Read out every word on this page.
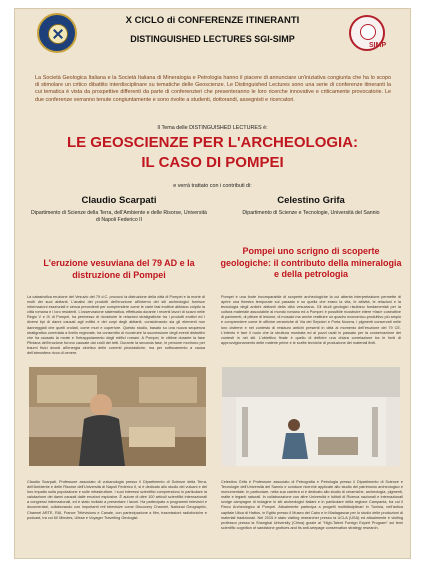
SIMP
X CICLO di CONFERENZE ITINERANTI
DISTINGUISHED LECTURES SGI-SIMP
La Società Geologica Italiana e la Società Italiana di Mineralogia e Petrologia hanno il piacere di annunciare un'iniziativa congiunta che ha lo scopo di stimolare un critico dibattito interdisciplinare su tematiche delle Geoscienze. Le Distinguished Lectures sono una serie di conferenze itineranti la cui tematica è vista da prospettive differenti da parte di conferenzieri che presenteranno le loro ricerche innovative e criticamente provocatorie. Le due conferenze verranno tenute congiuntamente e sono rivolte a studenti, dottorandi, assegnisti e ricercatori.
Il Tema delle DISTINGUISHED LECTURES è:
LE GEOSCIENZE PER L'ARCHEOLOGIA:
IL CASO DI POMPEI
e verrà trattato con i contributi di:
Claudio Scarpati
Dipartimento di Scienze della Terra, dell'Ambiente e delle Risorse, Università di Napoli Federico II
L'eruzione vesuviana del 79 AD e la distruzione di Pompei
La catastrofica eruzione del Vesuvio del 79 d.C. provocò la distruzione della città di Pompei e la morte di molti dei suoi abitanti. L'analisi dei prodotti dell'eruzione all'interno dei siti archeologici fornisce informazioni essenziali e senza precedenti per comprendere come le varie fasi eruttive abbiano colpito la città romana e i loro residenti. L'osservazione sistematica, effettuata durante i recenti lavori di scavo nelle Regio V e IX di Pompei, ha permesso di ricostruire le relazioni stratigrafiche tra i prodotti eruttivi ed i diversi tipi di danni causati agli edifici e dei corpi degli abitanti, considerando sia gli elementi non danneggiati che quelli crollati, come muri e coperture. Questo studio, basato su una nuova sequenza stratigrafica corredata a livello regionale, ha consentito di ricostruire la successione degli eventi distruttivi che ha causato la morte e l'intrappolamento degli edifici romani. A Pompei, le vittime durante la fase Pliniana dell'eruzione furono causate dai crolli dei tetti. Durante la seconda fase, le persone morirono per traumi fisici dovuti all'energia cinetica delle correnti piroclastiche, ma per soffocamento a causa dell'atmosfera ricca di cenere.
Claudio Scarpati, Professore associato di vulcanologia presso il Dipartimento di Scienze della Terra, dell'Ambiente e delle Risorse dell'Università di Napoli Federico II, si è dedicato allo studio dei vulcani e del loro impatto sulla popolazione e sulle infrastrutture. I suoi interessi scientifici comprendono in particolare la valutazione dei danni causati dalle eruzioni esplosive. È autore di oltre 100 articoli scientifici internazionali a congressi internazionali, ed è stato invitato a presentare i lavori. Ha partecipato a programmi televisivi e documentari, collaborando con importanti reti televisive come Discovery Channel, National Geographic, Channel ARTE, RAI, France Télévisions e Canale, con partecipazione a film, trasmissioni radiofoniche e podcast, tra cui 60 Minutes, Ulisse e Voyager Travelling Geologist.
Celestino Grifa
Dipartimento di Scienze e Tecnologie, Università del Sannio
Pompei uno scrigno di scoperte geologiche: il contributo della mineralogia e della petrologia
Pompei è una fonte incomparabile di scoperte archeologiche la cui attenta interpretazione permette di aprire una finestra temporale sul passato e su quella che erano la vita, le attività, le relazioni e la tecnologia degli antichi abitanti della città vesuviana. Gli studi geologici risultano fondamentali per la cultura materiale associabile al mondo romano ed a Pompei: è possibile ricostruire intere «fasi» costruttive di pavimenti, di pitture di lesione, di mosaici ma anche restituire un quadro economico-produttivo più ampio e comprendere come le officine ceramiche di Via dei Sepolcri e Porta Nocera, i pigmenti conservati nelle loro cisterne e nel contesto di restauro antichi presenti in città al momento dell'eruzione del 79 CE. L'intento è fare il ruolo che la struttura mostrata ed ai pozzi usati in passato per la conservazione dei contesti in nei siti. L'obiettivo finale è quello di definire una chiara correlazione tra le fonti di approvvigionamento delle materie prime e le scelte tecniche di produzione dei materiali finiti.
Celestino Grifa è Professore associato di Petrografia e Petrologia presso il Dipartimento di Scienze e Tecnologie dell'Università del Sannio e conduce ricerche applicate allo studio del patrimonio archeologico e monumentale. In particolare, nella sua carriera si è dedicato allo studio di ceramiche, archeologia, pigmenti, malte e leganti naturali. In collaborazione con altre Università e Istituti di Ricerca nazionali e internazionali svolge campagne di indagine in siti archeologici italiani e in particolare della regione Campania, tra cui il Parco Archeologico di Pompei. Attualmente partecipa a progetti multidisciplinari in Tunisia, nell'antica capitale Utica di Hattus, in Egitto presso il Museo del Cairo e in Madagascar per lo studio delle produzioni di materiali tradizionali. Nel 2015 è stato visiting researcher presso la UCLA (USA) ed attualmente è visiting professor presso la Shanghai University (China) grazie al "High-Talent Foreign Expert Program" sui temi scientific cognition of sandstone grottoes and its anti-seepage conservation strategy research.
